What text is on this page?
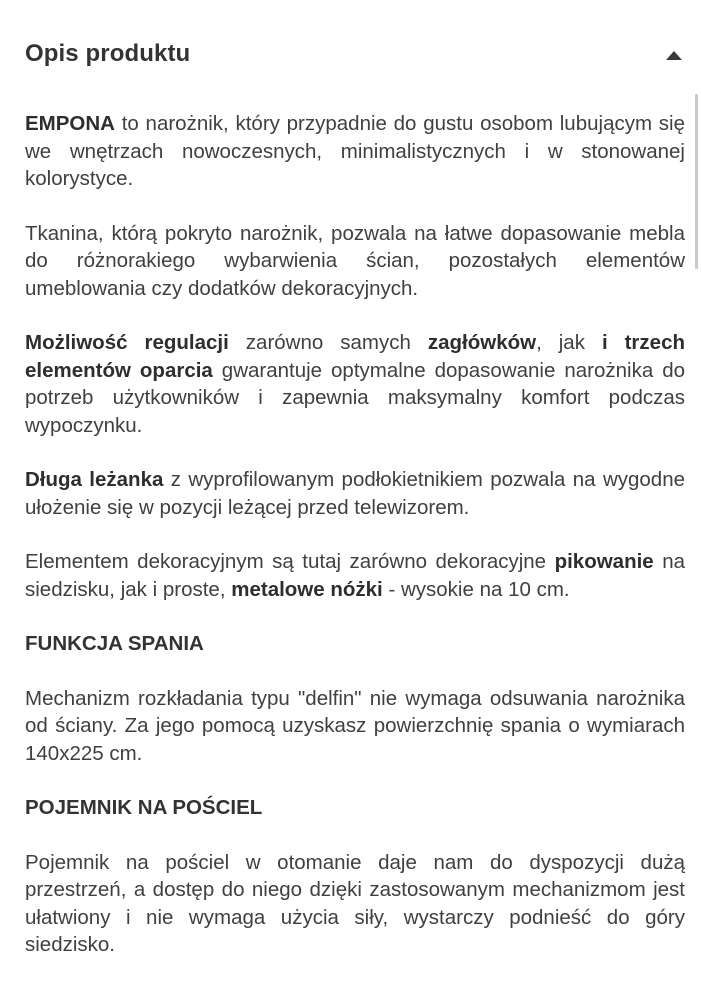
Opis produktu

EMPONA to narożnik, który przypadnie do gustu osobom lubującym się we wnętrzach nowoczesnych, minimalistycznych i w stonowanej kolorystyce.

Tkanina, którą pokryto narożnik, pozwala na łatwe dopasowanie mebla do różnorakiego wybarwienia ścian, pozostałych elementów umeblowania czy dodatków dekoracyjnych.

Możliwość regulacji zarówno samych zagłówków, jak i trzech elementów oparcia gwarantuje optymalne dopasowanie narożnika do potrzeb użytkowników i zapewnia maksymalny komfort podczas wypoczynku.

Długa leżanka z wyprofilowanym podłokietnikiem pozwala na wygodne ułożenie się w pozycji leżącej przed telewizorem.

Elementem dekoracyjnym są tutaj zarówno dekoracyjne pikowanie na siedzisku, jak i proste, metalowe nóżki - wysokie na 10 cm.

FUNKCJA SPANIA

Mechanizm rozkładania typu "delfin" nie wymaga odsuwania narożnika od ściany. Za jego pomocą uzyskasz powierzchnię spania o wymiarach 140x225 cm.

POJEMNIK NA POŚCIEL

Pojemnik na pościel w otomanie daje nam do dyspozycji dużą przestrzeń, a dostęp do niego dzięki zastosowanym mechanizmom jest ułatwiony i nie wymaga użycia siły, wystarczy podnieść do góry siedzisko.
